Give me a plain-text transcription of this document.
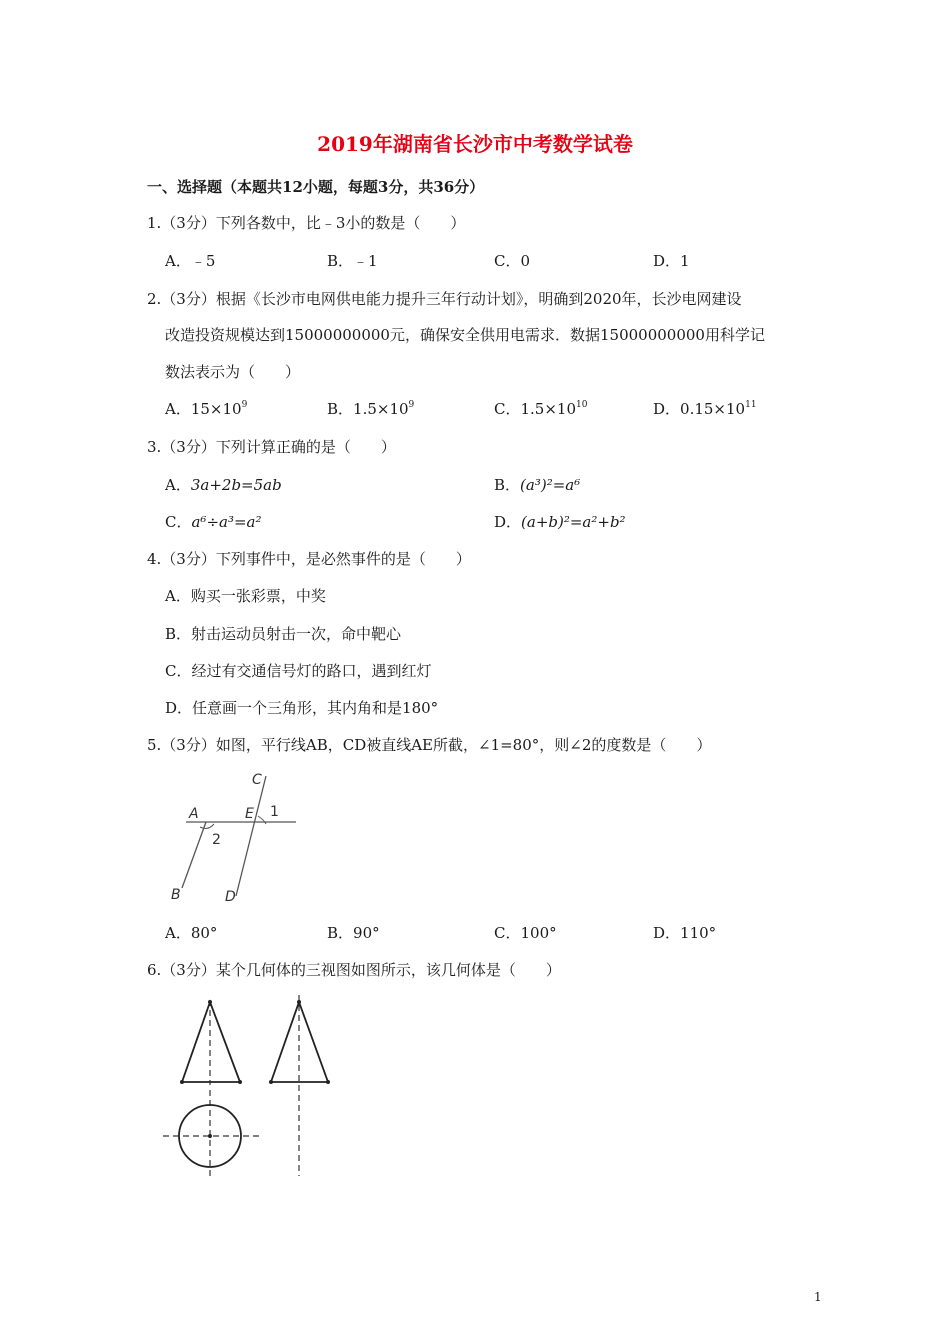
2019年湖南省长沙市中考数学试卷
一、选择题（本题共12小题，每题3分，共36分）
1.（3分）下列各数中，比﹣3小的数是（　　）
A．﹣5	B．﹣1	C．0	D．1
2.（3分）根据《长沙市电网供电能力提升三年行动计划》，明确到2020年，长沙电网建设
改造投资规模达到15000000000元，确保安全供用电需求．数据15000000000用科学记
数法表示为（　　）
A．$15\times 10^9$	B．$1.5\times 10^9$	C．$1.5\times 10^{10}$	D．$0.15\times 10^{11}$
3.（3分）下列计算正确的是（　　）
A．3a+2b=5ab	B．(a³)²=a⁶
C．a⁶÷a³=a²	D．(a+b)²=a²+b²
4.（3分）下列事件中，是必然事件的是（　　）
A．购买一张彩票，中奖
B．射击运动员射击一次，命中靶心
C．经过有交通信号灯的路口，遇到红灯
D．任意画一个三角形，其内角和是180°
5.（3分）如图，平行线AB，CD被直线AE所截，∠1=80°，则∠2的度数是（　　）
C
A	E 1
2
B	D
A．80°	B．90°	C．100°	D．110°
6.（3分）某个几何体的三视图如图所示，该几何体是（　　）
1
